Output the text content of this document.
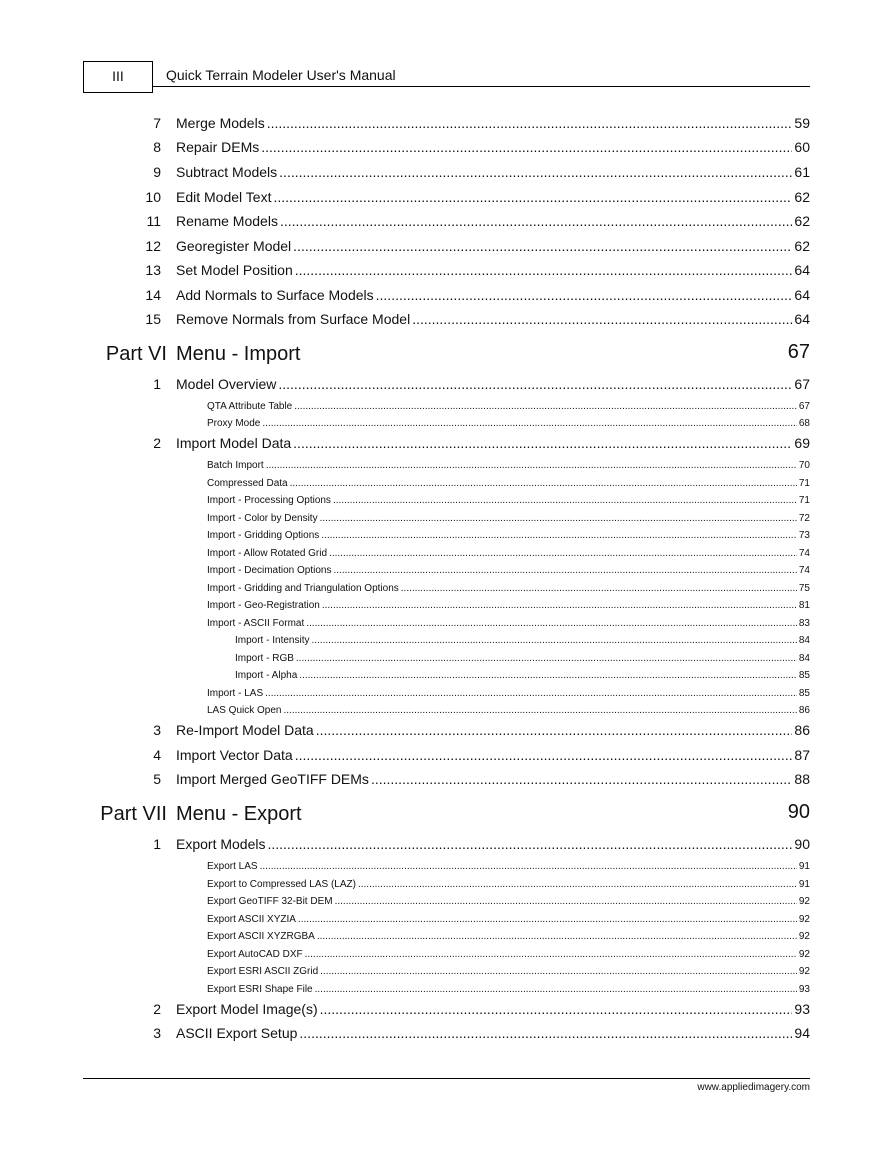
III	Quick Terrain Modeler User's Manual
7 Merge Models .....	59
8 Repair DEMs .....	60
9 Subtract Models .....	61
10 Edit Model Text .....	62
11 Rename Models .....	62
12 Georegister Model .....	62
13 Set Model Position .....	64
14 Add Normals to Surface Models .....	64
15 Remove Normals from Surface Model .....	64
Part VI Menu - Import	67
1 Model Overview .....	67
QTA Attribute Table .....	67
Proxy Mode .....	68
2 Import Model Data .....	69
Batch Import .....	70
Compressed Data .....	71
Import - Processing Options .....	71
Import - Color by Density .....	72
Import - Gridding Options .....	73
Import - Allow Rotated Grid .....	74
Import - Decimation Options .....	74
Import - Gridding and Triangulation Options .....	75
Import - Geo-Registration .....	81
Import - ASCII Format .....	83
Import - Intensity .....	84
Import - RGB .....	84
Import - Alpha .....	85
Import - LAS .....	85
LAS Quick Open .....	86
3 Re-Import Model Data .....	86
4 Import Vector Data .....	87
5 Import Merged GeoTIFF DEMs .....	88
Part VII Menu - Export	90
1 Export Models .....	90
Export LAS .....	91
Export to Compressed LAS (LAZ) .....	91
Export GeoTIFF 32-Bit DEM .....	92
Export ASCII XYZIA .....	92
Export ASCII XYZRGBA .....	92
Export AutoCAD DXF .....	92
Export ESRI ASCII ZGrid .....	92
Export ESRI Shape File .....	93
2 Export Model Image(s) .....	93
3 ASCII Export Setup .....	94
www.appliedimagery.com
